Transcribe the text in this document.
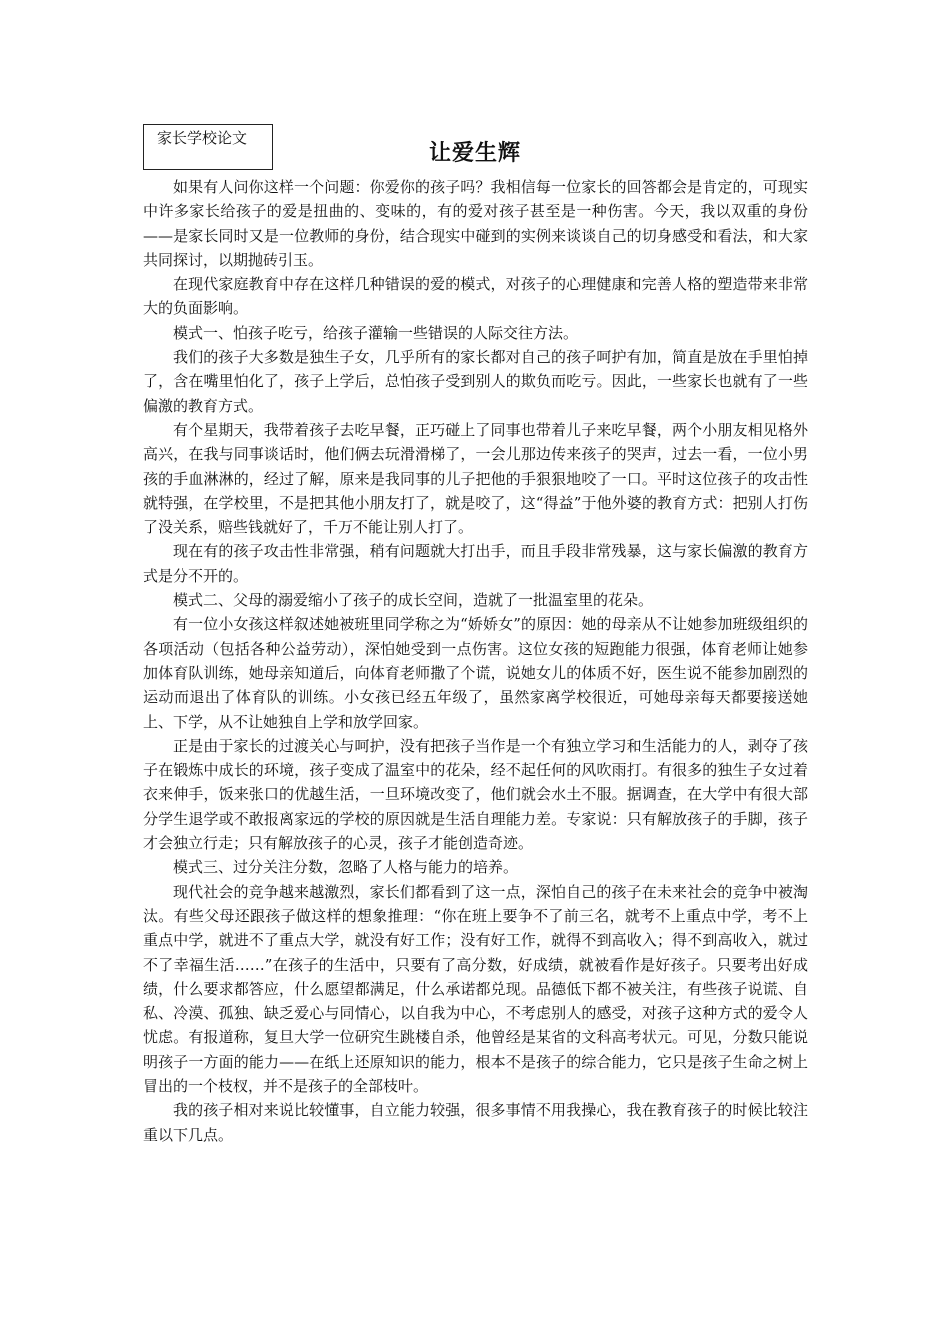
家长学校论文
让爱生辉

如果有人问你这样一个问题：你爱你的孩子吗？我相信每一位家长的回答都会是肯定的，可现实中许多家长给孩子的爱是扭曲的、变味的，有的爱对孩子甚至是一种伤害。今天，我以双重的身份——是家长同时又是一位教师的身份，结合现实中碰到的实例来谈谈自己的切身感受和看法，和大家共同探讨，以期抛砖引玉。

在现代家庭教育中存在这样几种错误的爱的模式，对孩子的心理健康和完善人格的塑造带来非常大的负面影响。

模式一、怕孩子吃亏，给孩子灌输一些错误的人际交往方法。

我们的孩子大多数是独生子女，几乎所有的家长都对自己的孩子呵护有加，简直是放在手里怕掉了，含在嘴里怕化了，孩子上学后，总怕孩子受到别人的欺负而吃亏。因此，一些家长也就有了一些偏激的教育方式。

有个星期天，我带着孩子去吃早餐，正巧碰上了同事也带着儿子来吃早餐，两个小朋友相见格外高兴，在我与同事谈话时，他们俩去玩滑滑梯了，一会儿那边传来孩子的哭声，过去一看，一位小男孩的手血淋淋的，经过了解，原来是我同事的儿子把他的手狠狠地咬了一口。平时这位孩子的攻击性就特强，在学校里，不是把其他小朋友打了，就是咬了，这“得益”于他外婆的教育方式：把别人打伤了没关系，赔些钱就好了，千万不能让别人打了。

现在有的孩子攻击性非常强，稍有问题就大打出手，而且手段非常残暴，这与家长偏激的教育方式是分不开的。

模式二、父母的溺爱缩小了孩子的成长空间，造就了一批温室里的花朵。

有一位小女孩这样叙述她被班里同学称之为“娇娇女”的原因：她的母亲从不让她参加班级组织的各项活动（包括各种公益劳动），深怕她受到一点伤害。这位女孩的短跑能力很强，体育老师让她参加体育队训练，她母亲知道后，向体育老师撒了个谎，说她女儿的体质不好，医生说不能参加剧烈的运动而退出了体育队的训练。小女孩已经五年级了，虽然家离学校很近，可她母亲每天都要接送她上、下学，从不让她独自上学和放学回家。

正是由于家长的过渡关心与呵护，没有把孩子当作是一个有独立学习和生活能力的人，剥夺了孩子在锻炼中成长的环境，孩子变成了温室中的花朵，经不起任何的风吹雨打。有很多的独生子女过着衣来伸手，饭来张口的优越生活，一旦环境改变了，他们就会水土不服。据调查，在大学中有很大部分学生退学或不敢报离家远的学校的原因就是生活自理能力差。专家说：只有解放孩子的手脚，孩子才会独立行走；只有解放孩子的心灵，孩子才能创造奇迹。

模式三、过分关注分数，忽略了人格与能力的培养。

现代社会的竞争越来越激烈，家长们都看到了这一点，深怕自己的孩子在未来社会的竞争中被淘汰。有些父母还跟孩子做这样的想象推理：“你在班上要争不了前三名，就考不上重点中学，考不上重点中学，就进不了重点大学，就没有好工作；没有好工作，就得不到高收入；得不到高收入，就过不了幸福生活……”在孩子的生活中，只要有了高分数，好成绩，就被看作是好孩子。只要考出好成绩，什么要求都答应，什么愿望都满足，什么承诺都兑现。品德低下都不被关注，有些孩子说谎、自私、冷漠、孤独、缺乏爱心与同情心，以自我为中心，不考虑别人的感受，对孩子这种方式的爱令人忧虑。有报道称，复旦大学一位研究生跳楼自杀，他曾经是某省的文科高考状元。可见，分数只能说明孩子一方面的能力——在纸上还原知识的能力，根本不是孩子的综合能力，它只是孩子生命之树上冒出的一个枝杈，并不是孩子的全部枝叶。

我的孩子相对来说比较懂事，自立能力较强，很多事情不用我操心，我在教育孩子的时候比较注重以下几点。
